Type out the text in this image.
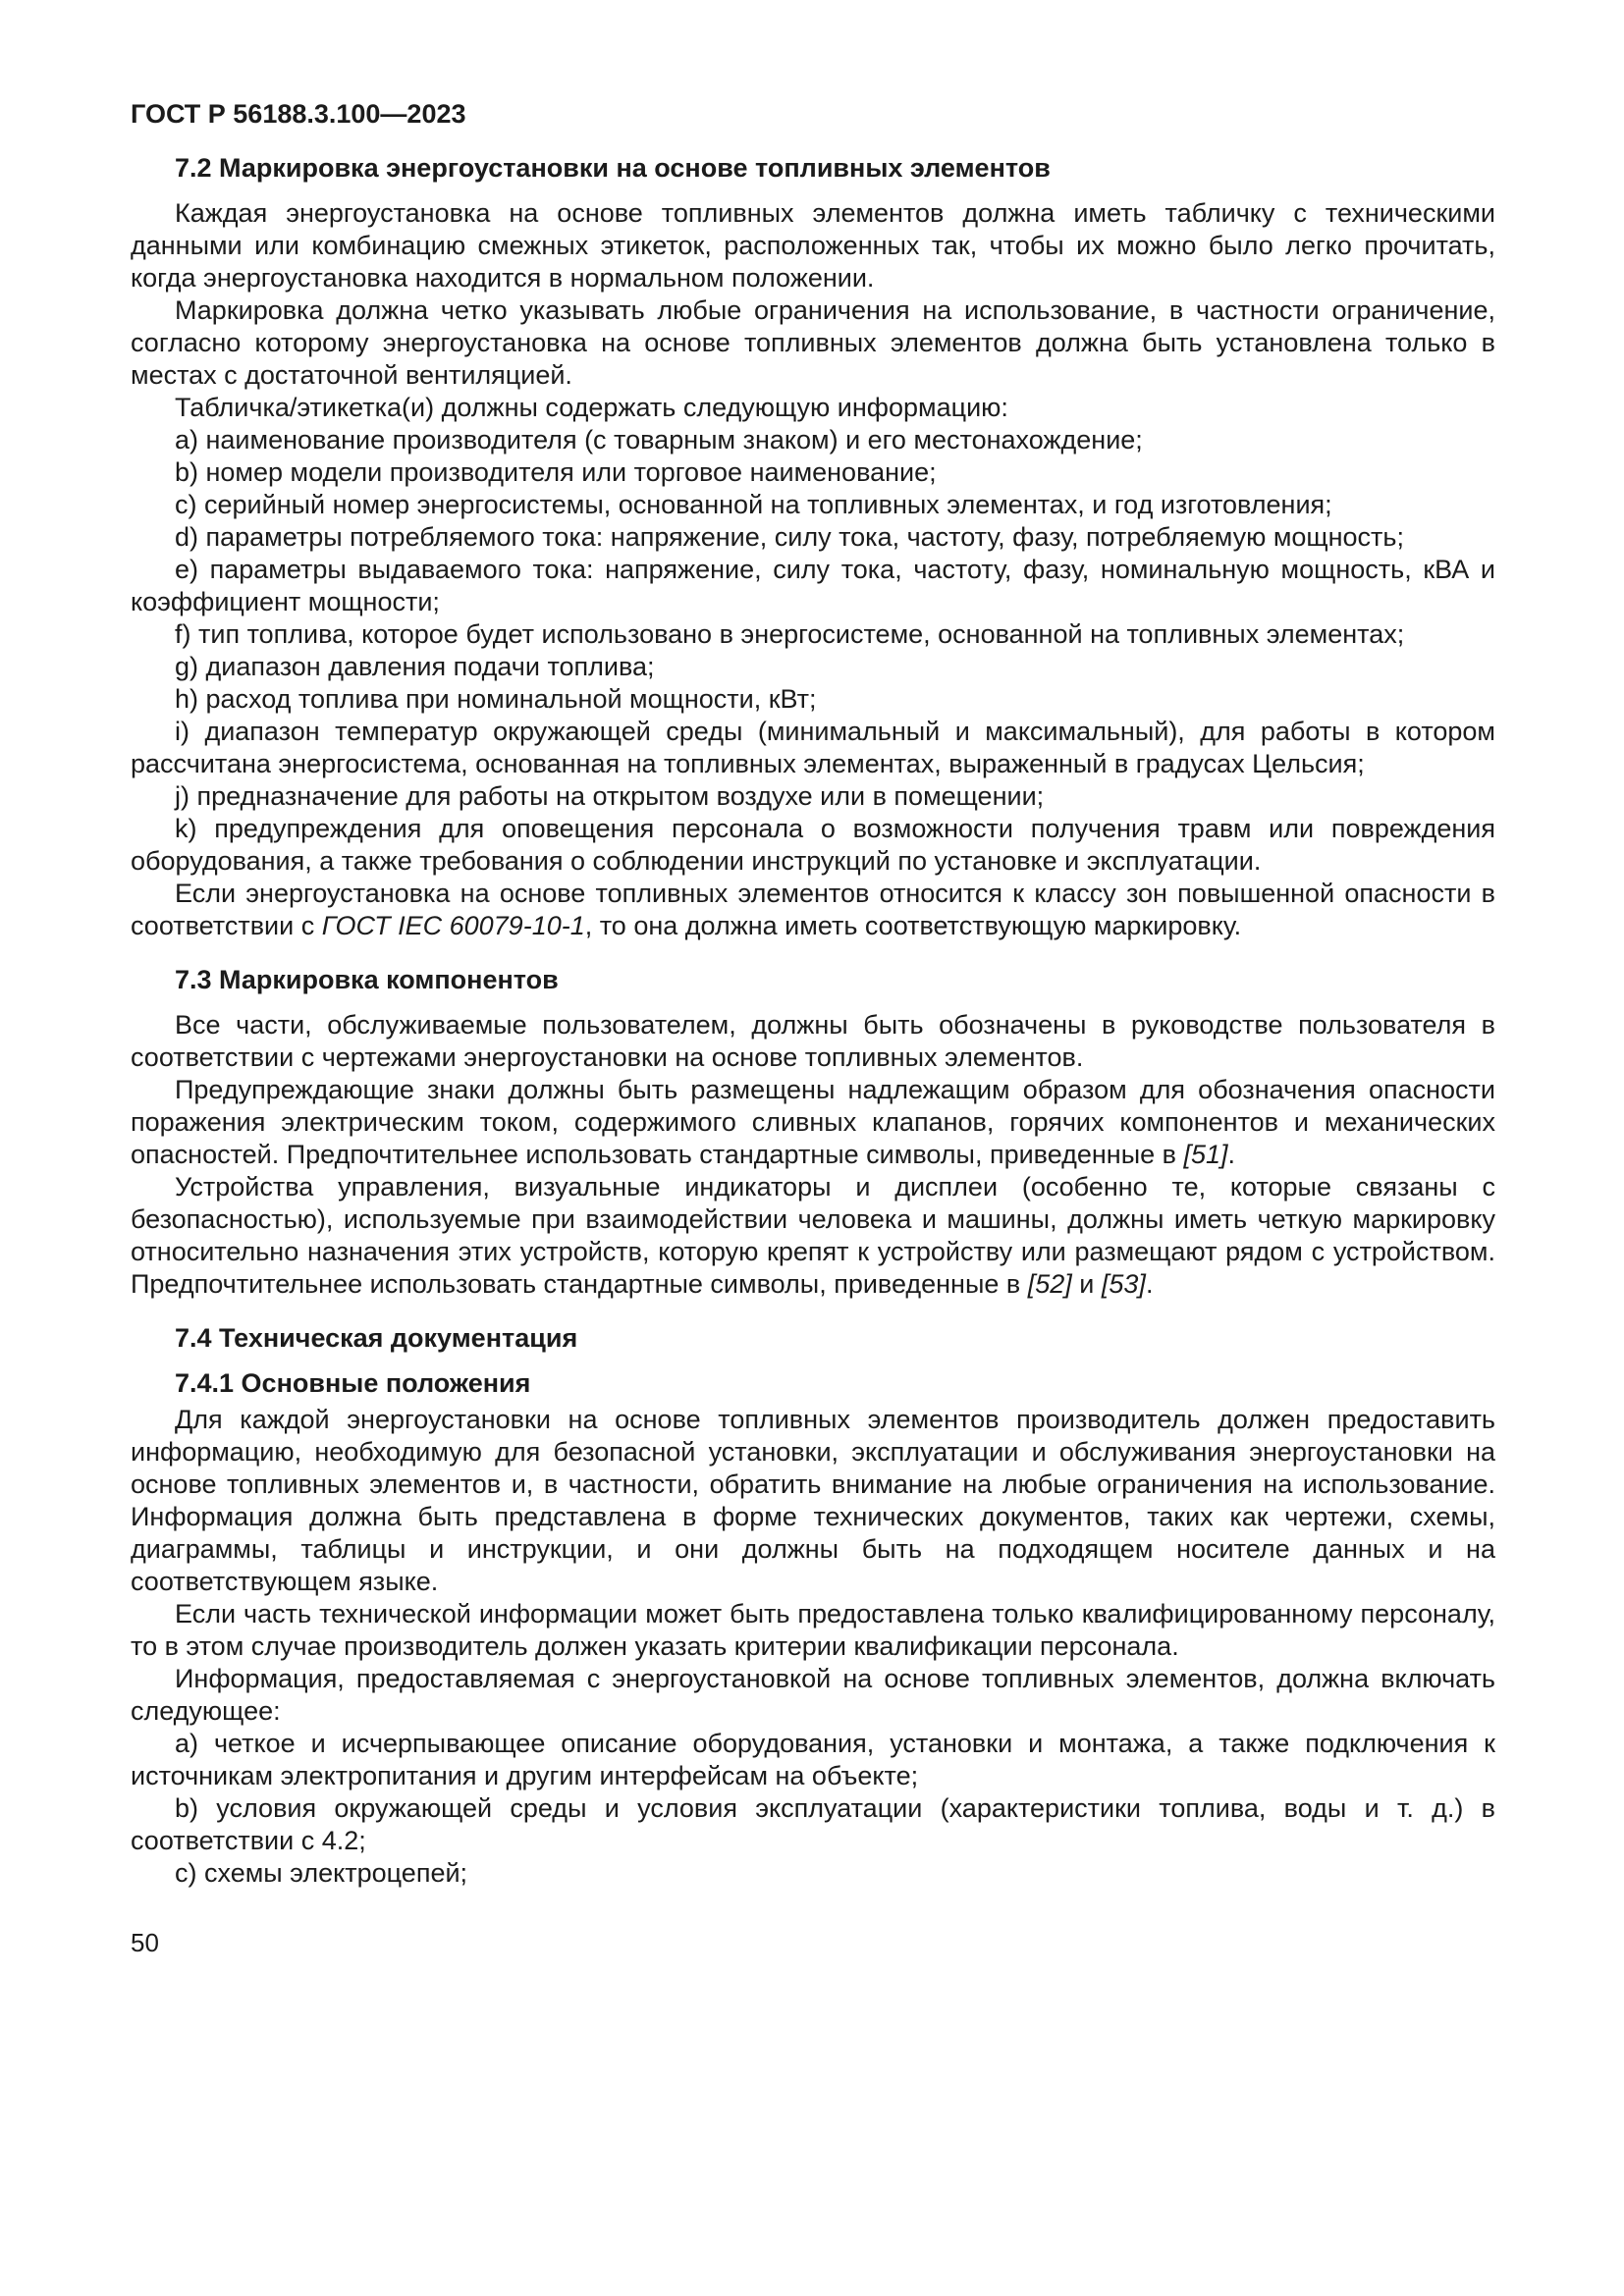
ГОСТ Р 56188.3.100—2023
7.2 Маркировка энергоустановки на основе топливных элементов

Каждая энергоустановка на основе топливных элементов должна иметь табличку с техническими данными или комбинацию смежных этикеток, расположенных так, чтобы их можно было легко прочитать, когда энергоустановка находится в нормальном положении.

Маркировка должна четко указывать любые ограничения на использование, в частности ограничение, согласно которому энергоустановка на основе топливных элементов должна быть установлена только в местах с достаточной вентиляцией.

Табличка/этикетка(и) должны содержать следующую информацию:

a) наименование производителя (с товарным знаком) и его местонахождение;

b) номер модели производителя или торговое наименование;

c) серийный номер энергосистемы, основанной на топливных элементах, и год изготовления;

d) параметры потребляемого тока: напряжение, силу тока, частоту, фазу, потребляемую мощность;

e) параметры выдаваемого тока: напряжение, силу тока, частоту, фазу, номинальную мощность, кВА и коэффициент мощности;

f) тип топлива, которое будет использовано в энергосистеме, основанной на топливных элементах;

g) диапазон давления подачи топлива;

h) расход топлива при номинальной мощности, кВт;

i) диапазон температур окружающей среды (минимальный и максимальный), для работы в котором рассчитана энергосистема, основанная на топливных элементах, выраженный в градусах Цельсия;

j) предназначение для работы на открытом воздухе или в помещении;

k) предупреждения для оповещения персонала о возможности получения травм или повреждения оборудования, а также требования о соблюдении инструкций по установке и эксплуатации.

Если энергоустановка на основе топливных элементов относится к классу зон повышенной опасности в соответствии с ГОСТ IEC 60079-10-1, то она должна иметь соответствующую маркировку.

7.3 Маркировка компонентов

Все части, обслуживаемые пользователем, должны быть обозначены в руководстве пользователя в соответствии с чертежами энергоустановки на основе топливных элементов.

Предупреждающие знаки должны быть размещены надлежащим образом для обозначения опасности поражения электрическим током, содержимого сливных клапанов, горячих компонентов и механических опасностей. Предпочтительнее использовать стандартные символы, приведенные в [51].

Устройства управления, визуальные индикаторы и дисплеи (особенно те, которые связаны с безопасностью), используемые при взаимодействии человека и машины, должны иметь четкую маркировку относительно назначения этих устройств, которую крепят к устройству или размещают рядом с устройством. Предпочтительнее использовать стандартные символы, приведенные в [52] и [53].

7.4 Техническая документация
7.4.1 Основные положения

Для каждой энергоустановки на основе топливных элементов производитель должен предоставить информацию, необходимую для безопасной установки, эксплуатации и обслуживания энергоустановки на основе топливных элементов и, в частности, обратить внимание на любые ограничения на использование. Информация должна быть представлена в форме технических документов, таких как чертежи, схемы, диаграммы, таблицы и инструкции, и они должны быть на подходящем носителе данных и на соответствующем языке.

Если часть технической информации может быть предоставлена только квалифицированному персоналу, то в этом случае производитель должен указать критерии квалификации персонала.

Информация, предоставляемая с энергоустановкой на основе топливных элементов, должна включать следующее:

a) четкое и исчерпывающее описание оборудования, установки и монтажа, а также подключения к источникам электропитания и другим интерфейсам на объекте;

b) условия окружающей среды и условия эксплуатации (характеристики топлива, воды и т. д.) в соответствии с 4.2;

c) схемы электроцепей;

50
